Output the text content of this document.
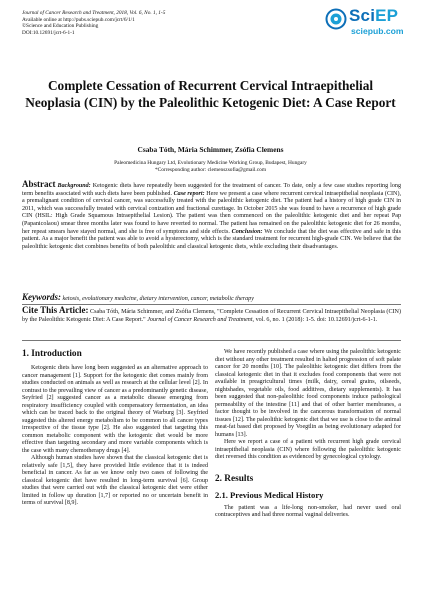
Journal of Cancer Research and Treatment, 2018, Vol. 6, No. 1, 1-5
Available online at http://pubs.sciepub.com/jcrt/6/1/1
©Science and Education Publishing
DOI:10.12691/jcrt-6-1-1
SciEP
sciepub.com
Complete Cessation of Recurrent Cervical Intraepithelial Neoplasia (CIN) by the Paleolithic Ketogenic Diet: A Case Report
Csaba Tóth, Mária Schimmer, Zsófia Clemens
Paleomedicina Hungary Ltd, Evolutionary Medicine Working Group, Budapest, Hungary
*Corresponding author: clemenszsofia@gmail.com
Abstract Background: Ketogenic diets have repeatedly been suggested for the treatment of cancer. To date, only a few case studies reporting long term benefits associated with such diets have been published. Case report: Here we present a case where recurrent cervical intraepithelial neoplasia (CIN), a premalignant condition of cervical cancer, was successfully treated with the paleolithic ketogenic diet. The patient had a history of high grade CIN in 2011, which was successfully treated with cervical conization and fractional curettage. In October 2015 she was found to have a recurrence of high grade CIN (HSIL: High Grade Squamous Intraepithelial Lesion). The patient was then commenced on the paleolithic ketogenic diet and her repeat Pap (Papanicolaou) smear three months later was found to have reverted to normal. The patient has remained on the paleolithic ketogenic diet for 26 months, her repeat smears have stayed normal, and she is free of symptoms and side effects. Conclusion: We conclude that the diet was effective and safe in this patient. As a major benefit the patient was able to avoid a hysterectomy, which is the standard treatment for recurrent high-grade CIN. We believe that the paleolithic ketogenic diet combines benefits of both paleolithic and classical ketogenic diets, while excluding their disadvantages.
Keywords: ketosis, evolutionary medicine, dietary intervention, cancer, metabolic therapy
Cite This Article: Csaba Tóth, Mária Schimmer, and Zsófia Clemens, "Complete Cessation of Recurrent Cervical Intraepithelial Neoplasia (CIN) by the Paleolithic Ketogenic Diet: A Case Report." Journal of Cancer Research and Treatment, vol. 6, no. 1 (2018): 1-5. doi: 10.12691/jcrt-6-1-1.
1. Introduction

Ketogenic diets have long been suggested as an alternative approach to cancer management [1]. Support for the ketogenic diet comes mainly from studies conducted on animals as well as research at the cellular level [2]. In contrast to the prevailing view of cancer as a predominantly genetic disease, Seyfried [2] suggested cancer as a metabolic disease emerging from respiratory insufficiency coupled with compensatory fermentation, an idea which can be traced back to the original theory of Warburg [3]. Seyfried suggested this altered energy metabolism to be common to all cancer types irrespective of the tissue type [2]. He also suggested that targeting this common metabolic component with the ketogenic diet would be more effective than targeting secondary and more variable components which is the case with many chemotherapy drugs [4].

Although human studies have shown that the classical ketogenic diet is relatively safe [1,5], they have provided little evidence that it is indeed beneficial in cancer. As far as we know only two cases of following the classical ketogenic diet have resulted in long-term survival [6]. Group studies that were carried out with the classical ketogenic diet were either limited in follow up duration [1,7] or reported no or uncertain benefit in terms of survival [8,9].

We have recently published a case where using the paleolithic ketogenic diet without any other treatment resulted in halted progression of soft palate cancer for 20 months [10]. The paleolithic ketogenic diet differs from the classical ketogenic diet in that it excludes food components that were not available in preagricultural times (milk, dairy, cereal grains, oilseeds, nightshades, vegetable oils, food additives, dietary supplements). It has been suggested that non-paleolithic food components induce pathological permeability of the intestine [11] and that of other barrier membranes, a factor thought to be involved in the cancerous transformation of normal tissues [12]. The paleolithic ketogenic diet that we use is close to the animal meat-fat based diet proposed by Voegtlin as being evolutionary adapted for humans [13].

Here we report a case of a patient with recurrent high grade cervical intraepithelial neoplasia (CIN) where following the paleolithic ketogenic diet reversed this condition as evidenced by gynecological cytology.

2. Results
2.1. Previous Medical History

The patient was a life-long non-smoker, had never used oral contraceptives and had three normal vaginal deliveries.
